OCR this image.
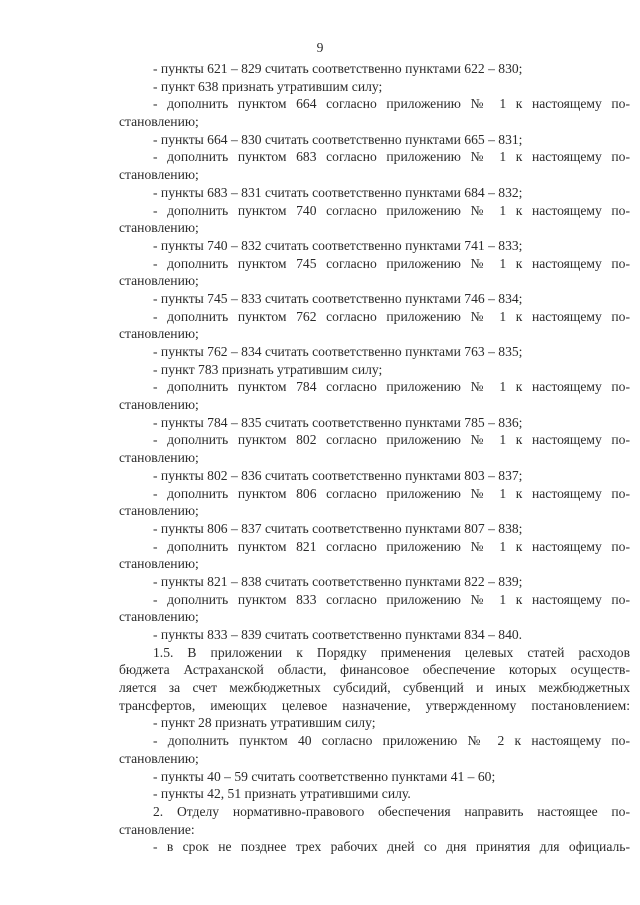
9
- пункты 621 – 829 считать соответственно пунктами 622 – 830;
- пункт 638 признать утратившим силу;
- дополнить пунктом 664 согласно приложению № 1 к настоящему по-
становлению;
- пункты 664 – 830 считать соответственно пунктами 665 – 831;
- дополнить пунктом 683 согласно приложению № 1 к настоящему по-
становлению;
- пункты 683 – 831 считать соответственно пунктами 684 – 832;
- дополнить пунктом 740 согласно приложению № 1 к настоящему по-
становлению;
- пункты 740 – 832 считать соответственно пунктами 741 – 833;
- дополнить пунктом 745 согласно приложению № 1 к настоящему по-
становлению;
- пункты 745 – 833 считать соответственно пунктами 746 – 834;
- дополнить пунктом 762 согласно приложению № 1 к настоящему по-
становлению;
- пункты 762 – 834 считать соответственно пунктами 763 – 835;
- пункт 783 признать утратившим силу;
- дополнить пунктом 784 согласно приложению № 1 к настоящему по-
становлению;
- пункты 784 – 835 считать соответственно пунктами 785 – 836;
- дополнить пунктом 802 согласно приложению № 1 к настоящему по-
становлению;
- пункты 802 – 836 считать соответственно пунктами 803 – 837;
- дополнить пунктом 806 согласно приложению № 1 к настоящему по-
становлению;
- пункты 806 – 837 считать соответственно пунктами 807 – 838;
- дополнить пунктом 821 согласно приложению № 1 к настоящему по-
становлению;
- пункты 821 – 838 считать соответственно пунктами 822 – 839;
- дополнить пунктом 833 согласно приложению № 1 к настоящему по-
становлению;
- пункты 833 – 839 считать соответственно пунктами 834 – 840.
1.5. В приложении к Порядку применения целевых статей расходов
бюджета Астраханской области, финансовое обеспечение которых осуществ-
ляется за счет межбюджетных субсидий, субвенций и иных межбюджетных
трансфертов, имеющих целевое назначение, утвержденному постановлением:
- пункт 28 признать утратившим силу;
- дополнить пунктом 40 согласно приложению № 2 к настоящему по-
становлению;
- пункты 40 – 59 считать соответственно пунктами 41 – 60;
- пункты 42, 51 признать утратившими силу.
2. Отделу нормативно-правового обеспечения направить настоящее по-
становление:
- в срок не позднее трех рабочих дней со дня принятия для официаль-
